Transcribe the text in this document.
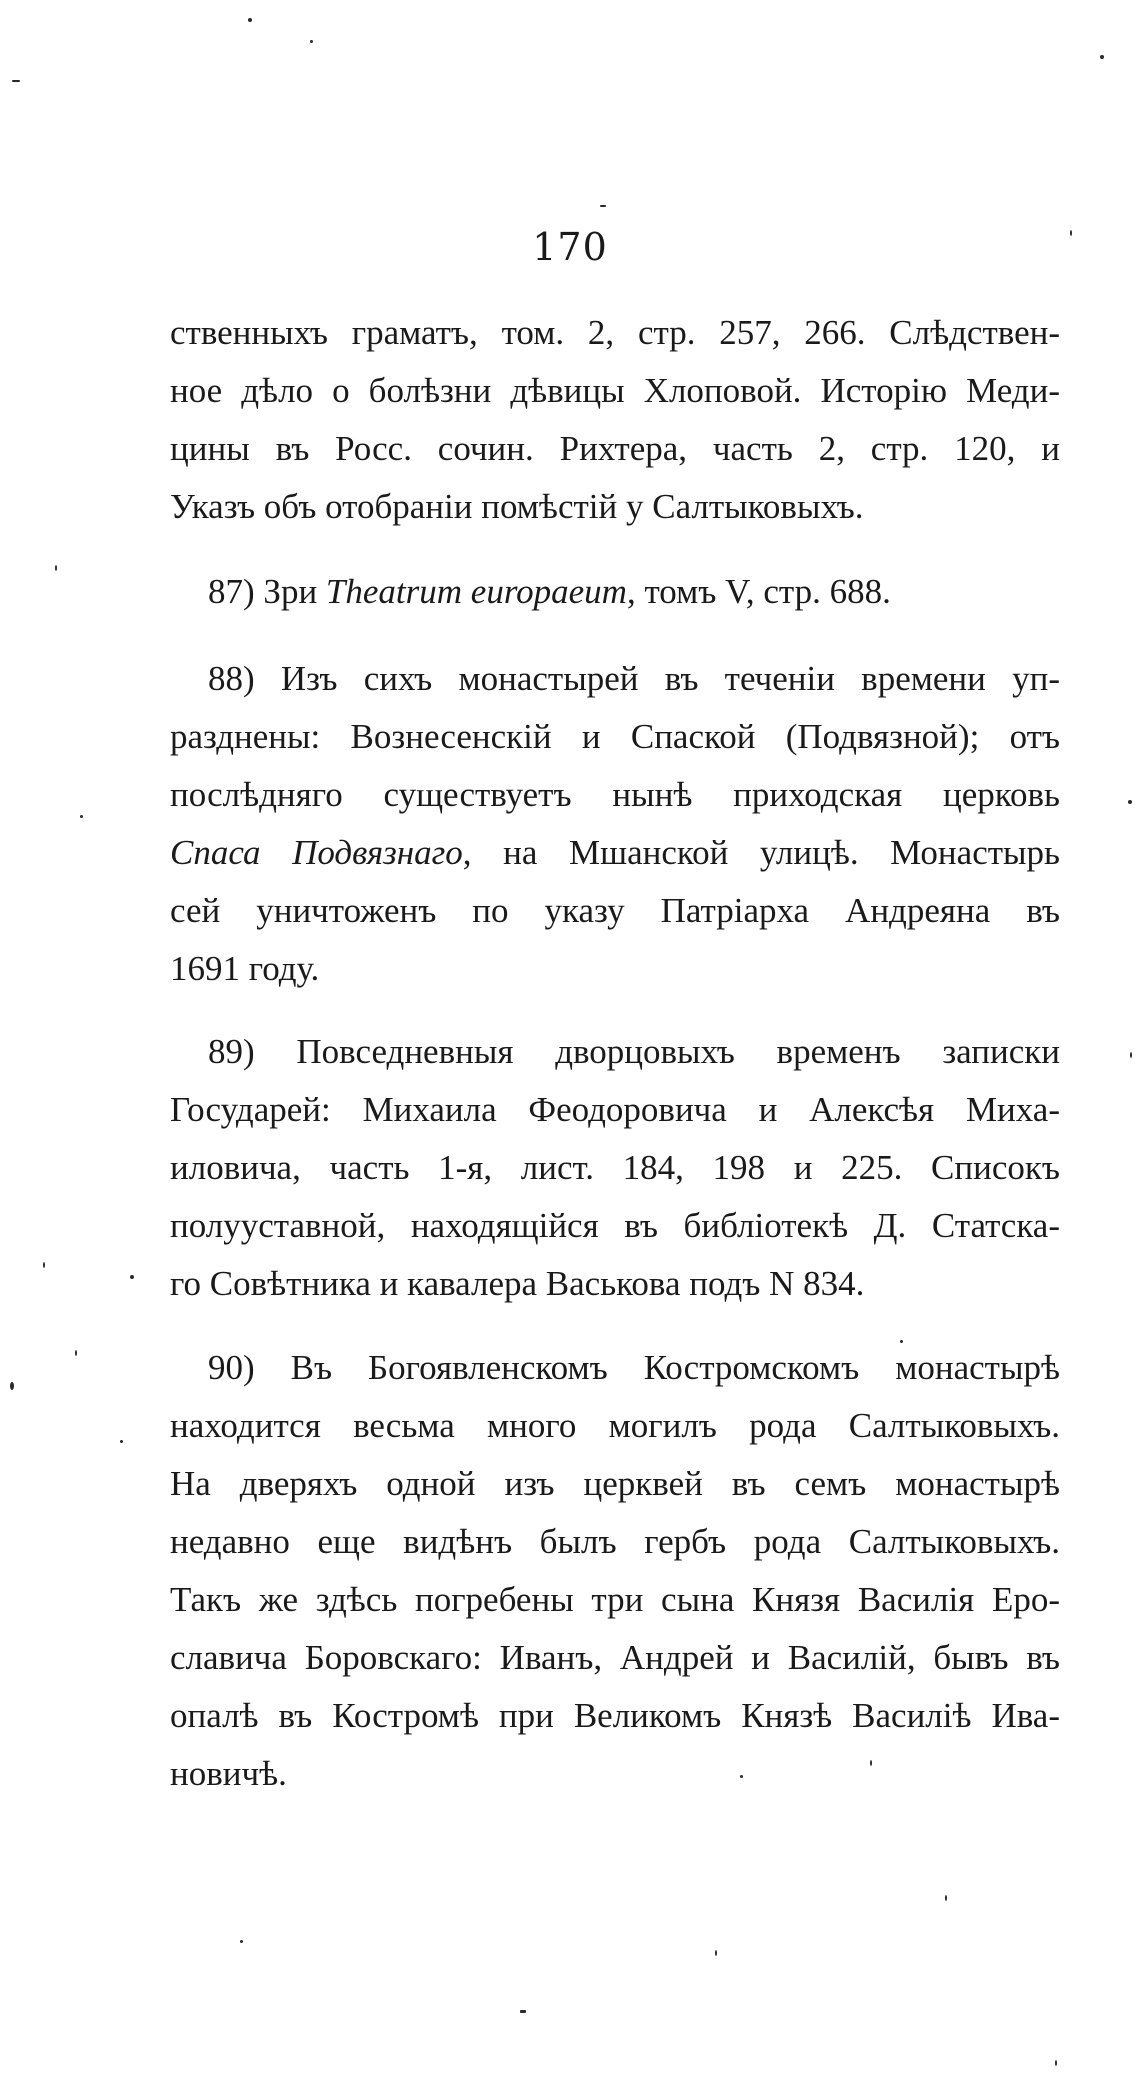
170
ственныхъ граматъ, том. 2, стр. 257, 266. Слѣдствен-
ное дѣло о болѣзни дѣвицы Хлоповой. Исторію Меди-
цины въ Росс. сочин. Рихтера, часть 2, стр. 120, и
Указъ объ отобраніи помѣстій у Салтыковыхъ.
87) Зри Theatrum europaeum, томъ V, стр. 688.
88) Изъ сихъ монастырей въ теченіи времени уп-
разднены: Вознесенскій и Спаской (Подвязной); отъ
послѣдняго существуетъ нынѣ приходская церковь
Спаса Подвязнаго, на Мшанской улицѣ. Монастырь
сей уничтоженъ по указу Патріарха Андреяна въ
1691 году.
89) Повседневныя дворцовыхъ временъ записки
Государей: Михаила Феодоровича и Алексѣя Миха-
иловича, часть 1-я, лист. 184, 198 и 225. Списокъ
полууставной, находящійся въ библіотекѣ Д. Статска-
го Совѣтника и кавалера Васькова подъ N 834.
90) Въ Богоявленскомъ Костромскомъ монастырѣ
находится весьма много могилъ рода Салтыковыхъ.
На дверяхъ одной изъ церквей въ семъ монастырѣ
недавно еще видѣнъ былъ гербъ рода Салтыковыхъ.
Такъ же здѣсь погребены три сына Князя Василія Еро-
славича Боровскаго: Иванъ, Андрей и Василій, бывъ въ
опалѣ въ Костромѣ при Великомъ Князѣ Василіѣ Ива-
новичѣ.
